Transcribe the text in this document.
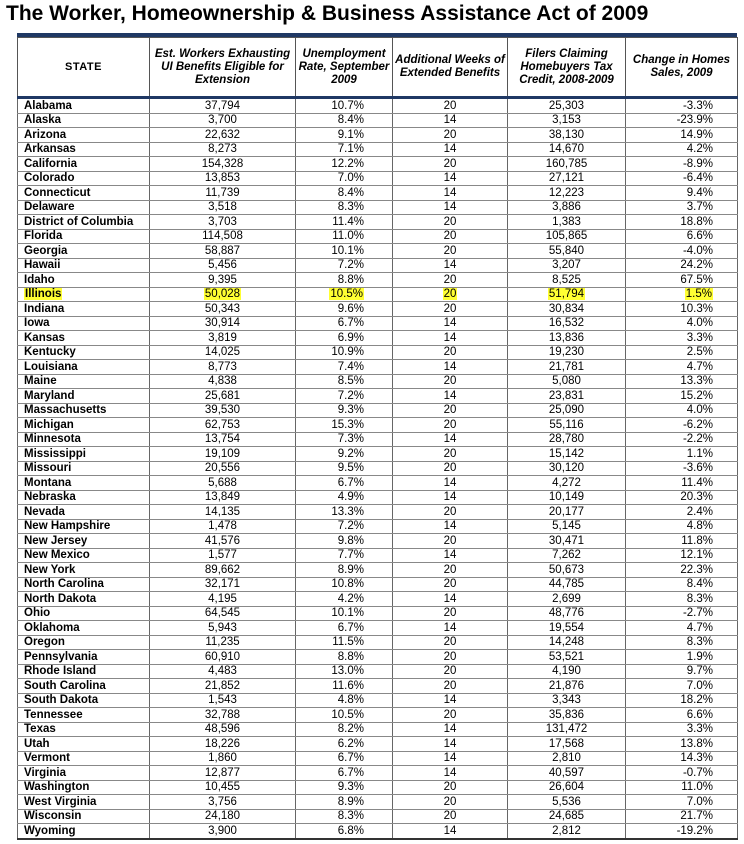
The Worker, Homeownership & Business Assistance Act of 2009
STATE	Est. Workers Exhausting UI Benefits Eligible for Extension	Unemployment Rate, September 2009	Additional Weeks of Extended Benefits	Filers Claiming Homebuyers Tax Credit, 2008-2009	Change in Homes Sales, 2009
Alabama	37,794	10.7%	20	25,303	-3.3%
Alaska	3,700	8.4%	14	3,153	-23.9%
Arizona	22,632	9.1%	20	38,130	14.9%
Arkansas	8,273	7.1%	14	14,670	4.2%
California	154,328	12.2%	20	160,785	-8.9%
Colorado	13,853	7.0%	14	27,121	-6.4%
Connecticut	11,739	8.4%	14	12,223	9.4%
Delaware	3,518	8.3%	14	3,886	3.7%
District of Columbia	3,703	11.4%	20	1,383	18.8%
Florida	114,508	11.0%	20	105,865	6.6%
Georgia	58,887	10.1%	20	55,840	-4.0%
Hawaii	5,456	7.2%	14	3,207	24.2%
Idaho	9,395	8.8%	20	8,525	67.5%
Illinois	50,028	10.5%	20	51,794	1.5%
Indiana	50,343	9.6%	20	30,834	10.3%
Iowa	30,914	6.7%	14	16,532	4.0%
Kansas	3,819	6.9%	14	13,836	3.3%
Kentucky	14,025	10.9%	20	19,230	2.5%
Louisiana	8,773	7.4%	14	21,781	4.7%
Maine	4,838	8.5%	20	5,080	13.3%
Maryland	25,681	7.2%	14	23,831	15.2%
Massachusetts	39,530	9.3%	20	25,090	4.0%
Michigan	62,753	15.3%	20	55,116	-6.2%
Minnesota	13,754	7.3%	14	28,780	-2.2%
Mississippi	19,109	9.2%	20	15,142	1.1%
Missouri	20,556	9.5%	20	30,120	-3.6%
Montana	5,688	6.7%	14	4,272	11.4%
Nebraska	13,849	4.9%	14	10,149	20.3%
Nevada	14,135	13.3%	20	20,177	2.4%
New Hampshire	1,478	7.2%	14	5,145	4.8%
New Jersey	41,576	9.8%	20	30,471	11.8%
New Mexico	1,577	7.7%	14	7,262	12.1%
New York	89,662	8.9%	20	50,673	22.3%
North Carolina	32,171	10.8%	20	44,785	8.4%
North Dakota	4,195	4.2%	14	2,699	8.3%
Ohio	64,545	10.1%	20	48,776	-2.7%
Oklahoma	5,943	6.7%	14	19,554	4.7%
Oregon	11,235	11.5%	20	14,248	8.3%
Pennsylvania	60,910	8.8%	20	53,521	1.9%
Rhode Island	4,483	13.0%	20	4,190	9.7%
South Carolina	21,852	11.6%	20	21,876	7.0%
South Dakota	1,543	4.8%	14	3,343	18.2%
Tennessee	32,788	10.5%	20	35,836	6.6%
Texas	48,596	8.2%	14	131,472	3.3%
Utah	18,226	6.2%	14	17,568	13.8%
Vermont	1,860	6.7%	14	2,810	14.3%
Virginia	12,877	6.7%	14	40,597	-0.7%
Washington	10,455	9.3%	20	26,604	11.0%
West Virginia	3,756	8.9%	20	5,536	7.0%
Wisconsin	24,180	8.3%	20	24,685	21.7%
Wyoming	3,900	6.8%	14	2,812	-19.2%
